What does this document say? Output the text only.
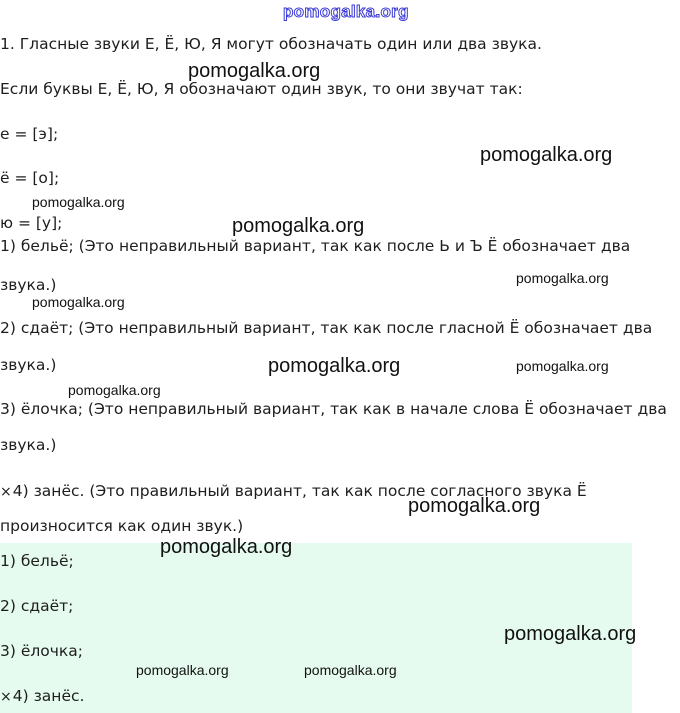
pomogalka.org
1. Гласные звуки Е, Ё, Ю, Я могут обозначать один или два звука.
Если буквы Е, Ё, Ю, Я обозначают один звук, то они звучат так:
е = [э];
ё = [о];
ю = [у];
1) бельё; (Это неправильный вариант, так как после Ь и Ъ Ё обозначает два
звука.)
2) сдаёт; (Это неправильный вариант, так как после гласной Ё обозначает два
звука.)
3) ёлочка; (Это неправильный вариант, так как в начале слова Ё обозначает два
звука.)
×4) занёс. (Это правильный вариант, так как после согласного звука Ё
произносится как один звук.)
1) бельё;
2) сдаёт;
3) ёлочка;
×4) занёс.
pomogalka.org
pomogalka.org
pomogalka.org
pomogalka.org
pomogalka.org
pomogalka.org
pomogalka.org	pomogalka.org
pomogalka.org
pomogalka.org
pomogalka.org
pomogalka.org
pomogalka.org	pomogalka.org
